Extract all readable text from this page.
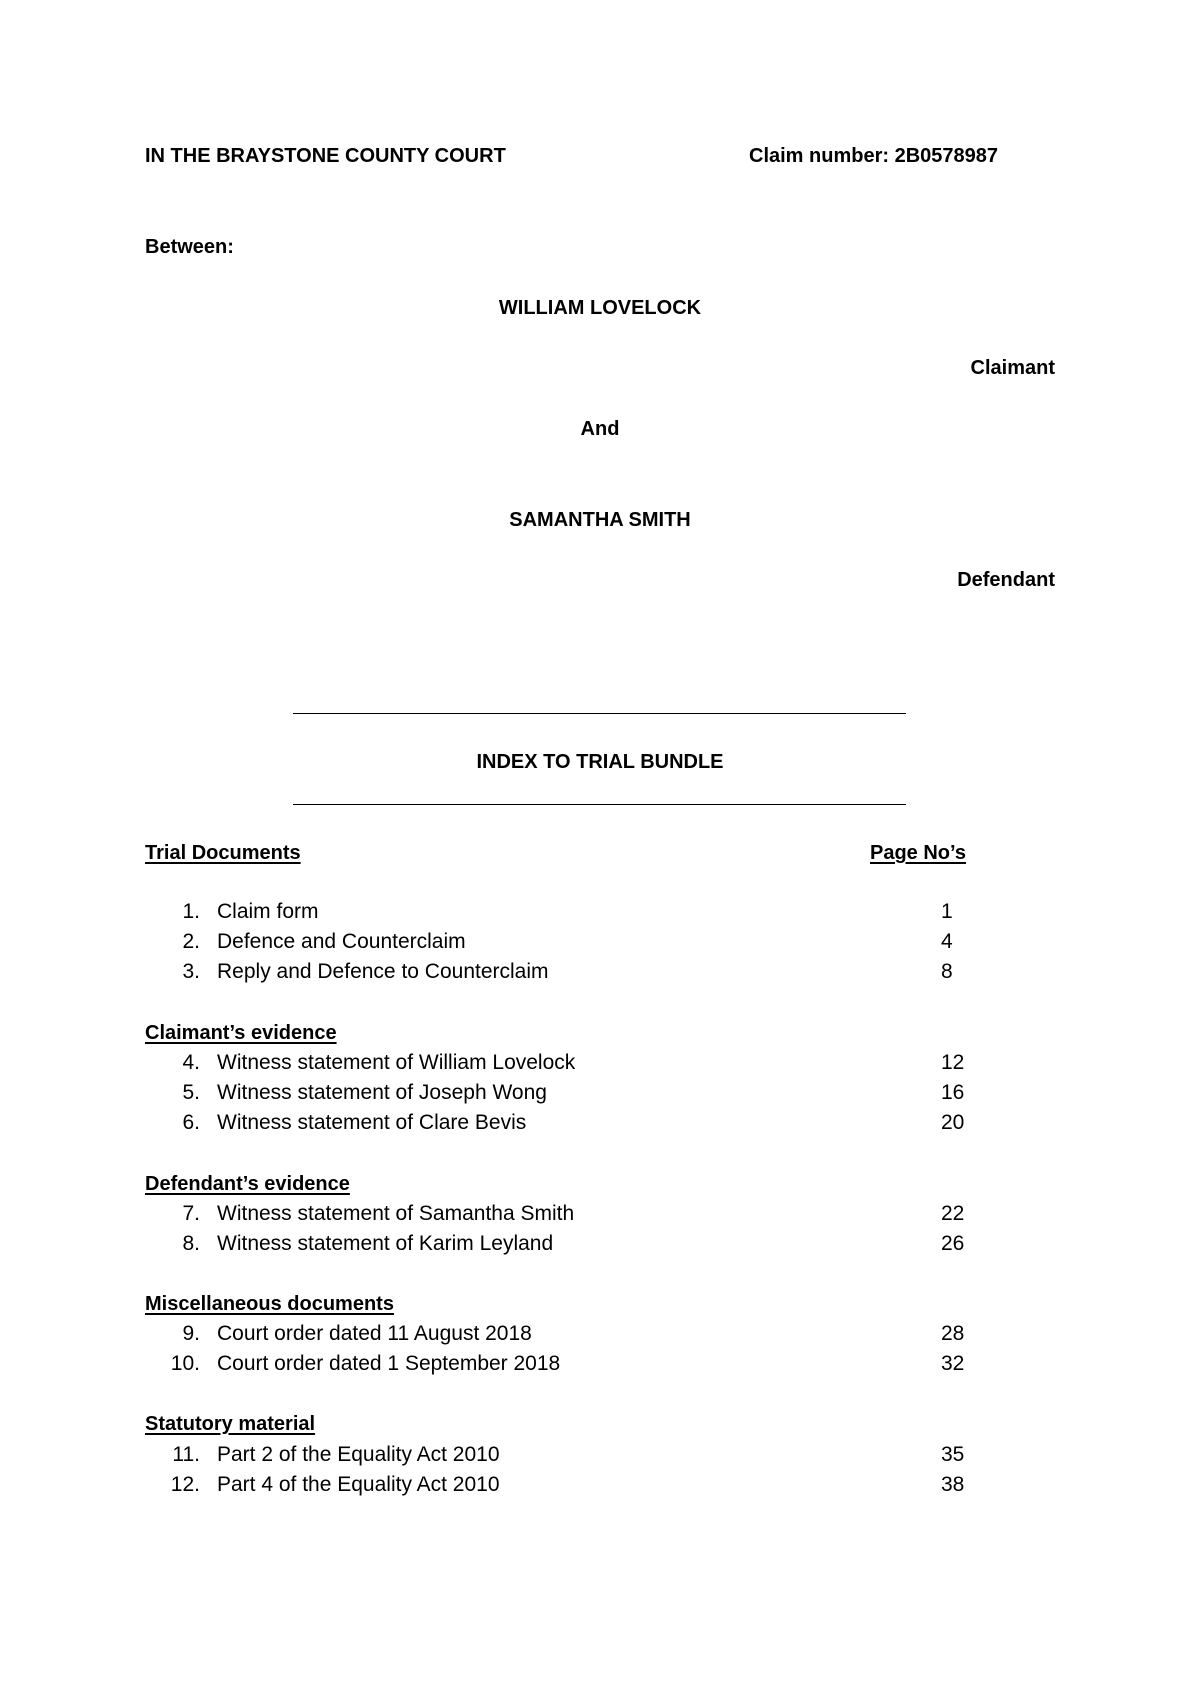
IN THE BRAYSTONE COUNTY COURT	Claim number: 2B0578987
Between:
WILLIAM LOVELOCK
Claimant
And
SAMANTHA SMITH
Defendant
INDEX TO TRIAL BUNDLE
Trial Documents	Page No’s
1. Claim form	1
2. Defence and Counterclaim	4
3. Reply and Defence to Counterclaim	8
Claimant’s evidence
4. Witness statement of William Lovelock	12
5. Witness statement of Joseph Wong	16
6. Witness statement of Clare Bevis	20
Defendant’s evidence
7. Witness statement of Samantha Smith	22
8. Witness statement of Karim Leyland	26
Miscellaneous documents
9. Court order dated 11 August 2018	28
10. Court order dated 1 September 2018	32
Statutory material
11. Part 2 of the Equality Act 2010	35
12. Part 4 of the Equality Act 2010	38
